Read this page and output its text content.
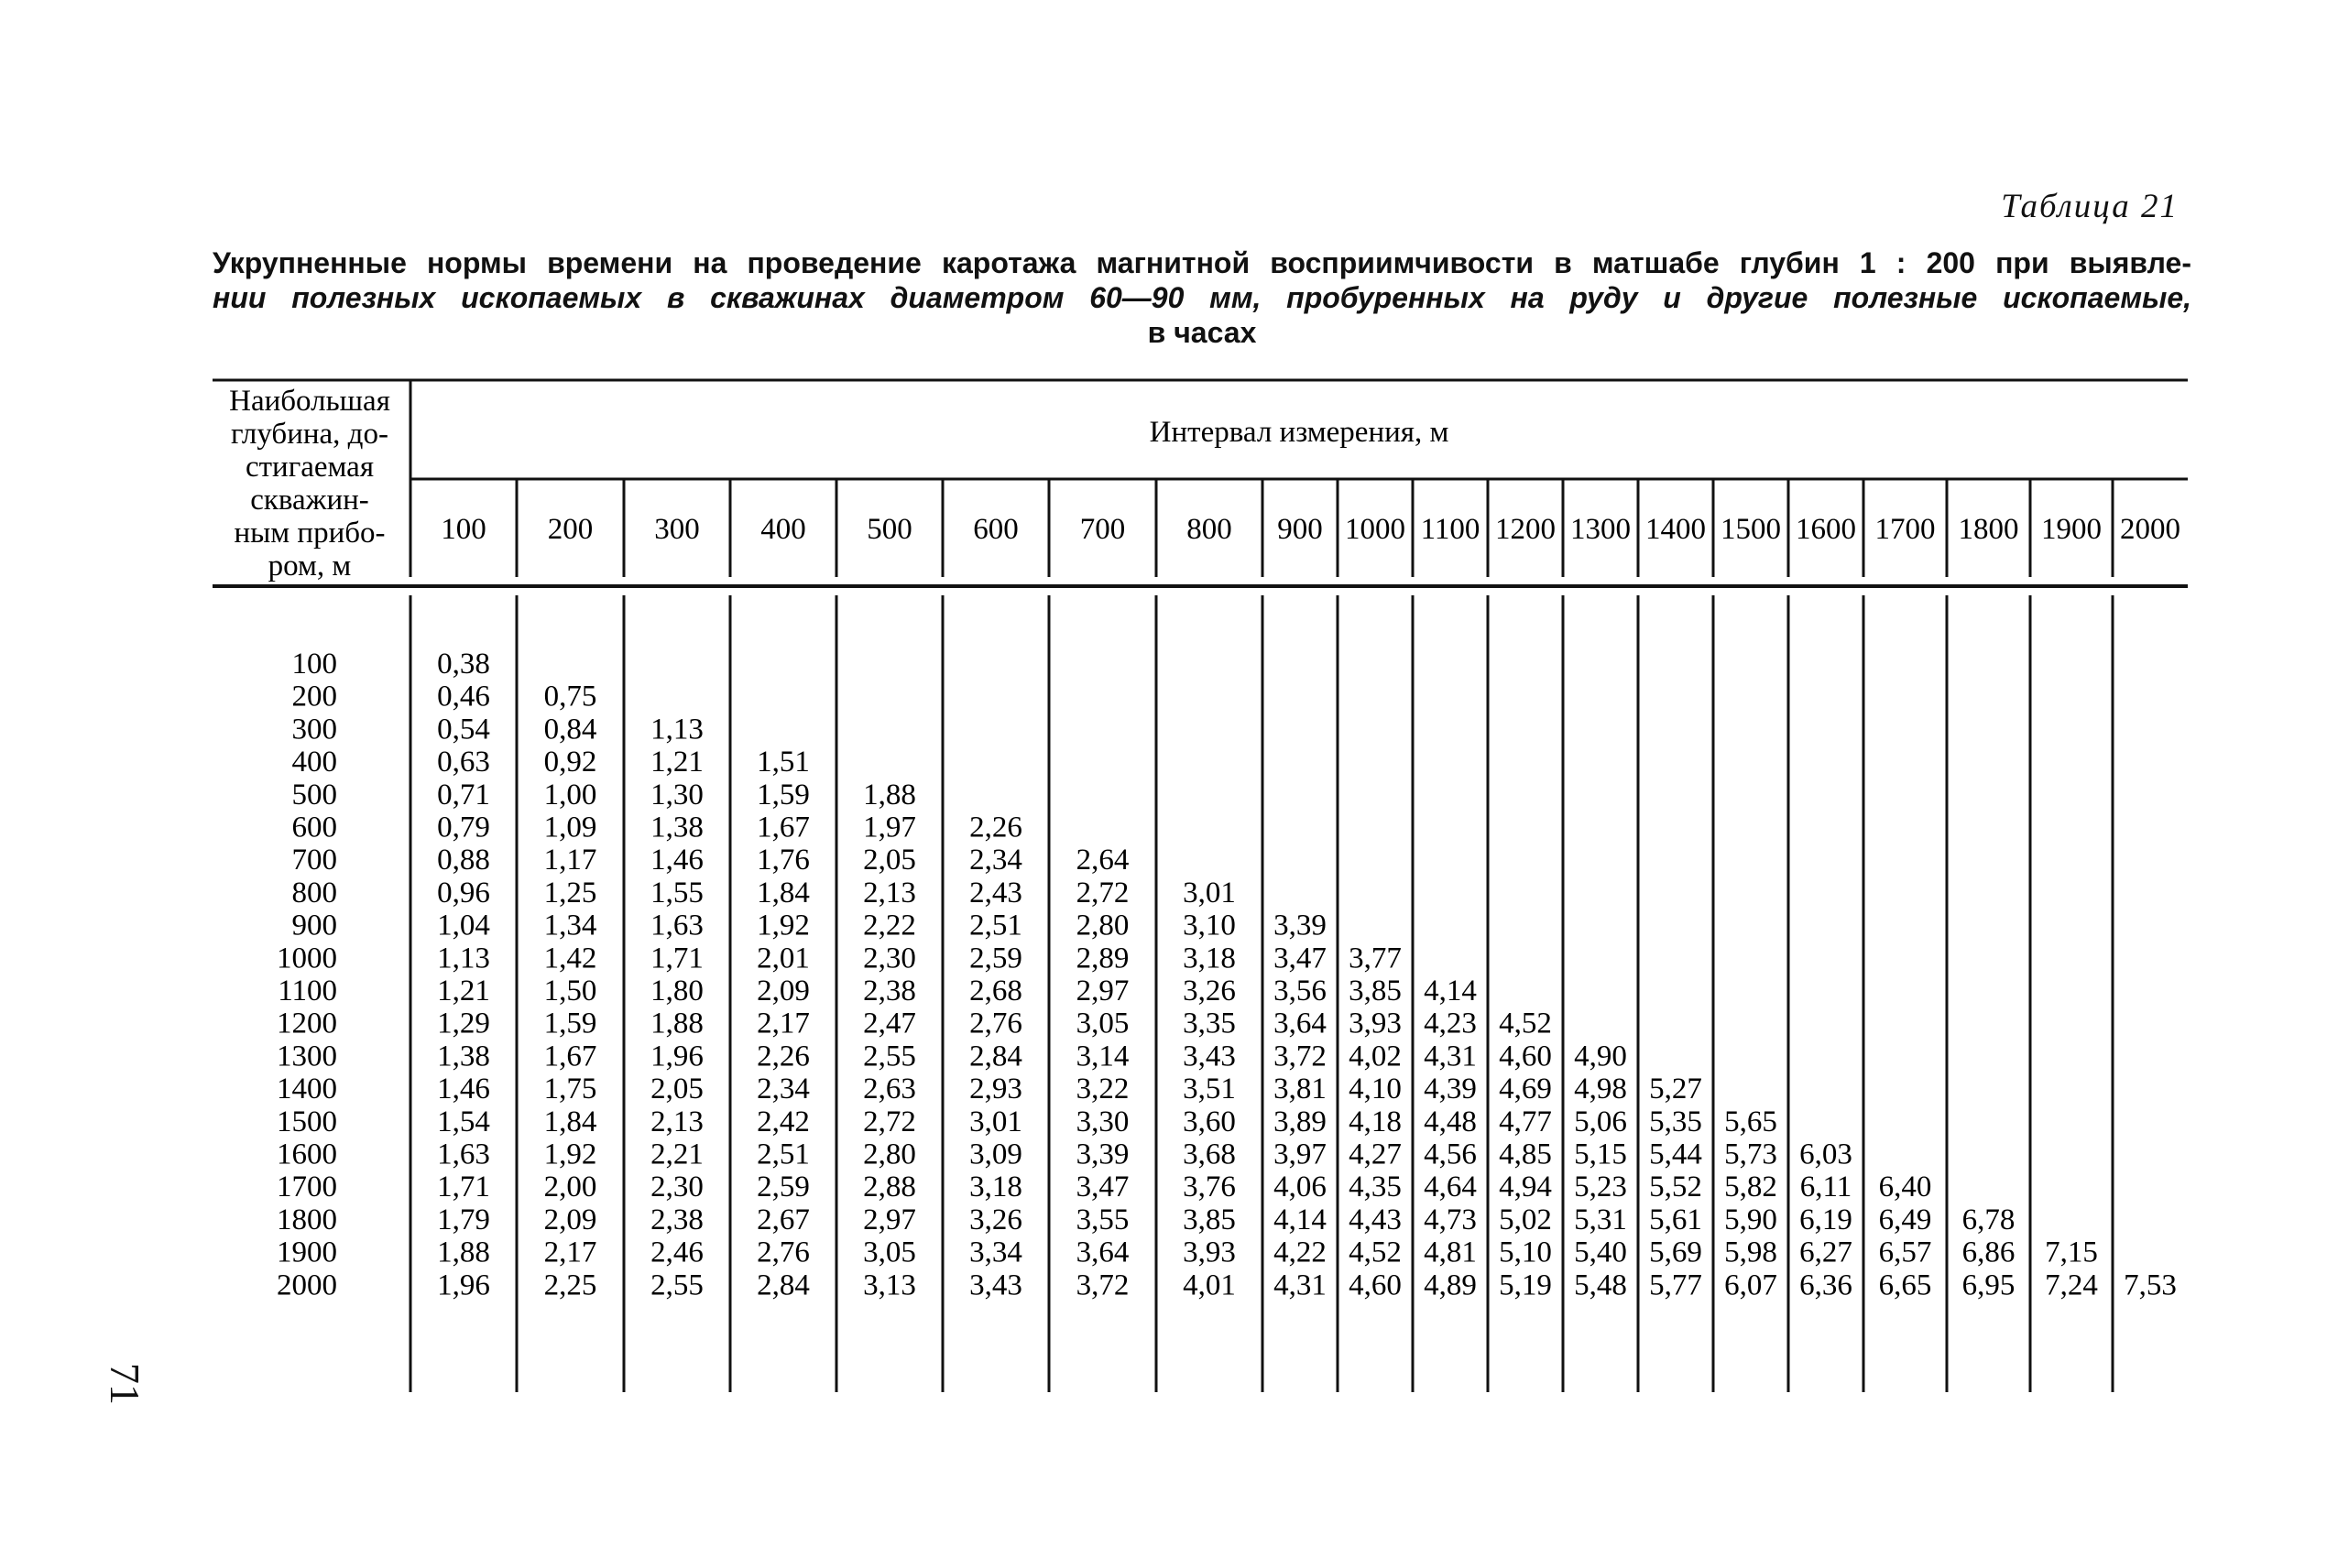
Таблица 21
Укрупненные нормы времени на проведение каротажа магнитной восприимчивости в матшабе глубин 1 : 200 при выявле-
нии полезных ископаемых в скважинах диаметром 60—90 мм, пробуренных на руду и другие полезные ископаемые,
в часах
Наибольшая
глубина, до-
стигаемая
скважин-
ным прибо-
ром, м
Интервал измерения, м
100 200 300 400 500 600 700 800 900 1000 1100 1200 1300 1400 1500 1600 1700 1800 1900 2000
100	0,38
200	0,46 0,75
300	0,54 0,84 1,13
400	0,63 0,92 1,21 1,51
500	0,71 1,00 1,30 1,59 1,88
600	0,79 1,09 1,38 1,67 1,97 2,26
700	0,88 1,17 1,46 1,76 2,05 2,34 2,64
800	0,96 1,25 1,55 1,84 2,13 2,43 2,72 3,01
900	1,04 1,34 1,63 1,92 2,22 2,51 2,80 3,10 3,39
1000	1,13 1,42 1,71 2,01 2,30 2,59 2,89 3,18 3,47 3,77
1100	1,21 1,50 1,80 2,09 2,38 2,68 2,97 3,26 3,56 3,85 4,14
1200	1,29 1,59 1,88 2,17 2,47 2,76 3,05 3,35 3,64 3,93 4,23 4,52
1300	1,38 1,67 1,96 2,26 2,55 2,84 3,14 3,43 3,72 4,02 4,31 4,60 4,90
1400	1,46 1,75 2,05 2,34 2,63 2,93 3,22 3,51 3,81 4,10 4,39 4,69 4,98 5,27
1500	1,54 1,84 2,13 2,42 2,72 3,01 3,30 3,60 3,89 4,18 4,48 4,77 5,06 5,35 5,65
1600	1,63 1,92 2,21 2,51 2,80 3,09 3,39 3,68 3,97 4,27 4,56 4,85 5,15 5,44 5,73 6,03
1700	1,71 2,00 2,30 2,59 2,88 3,18 3,47 3,76 4,06 4,35 4,64 4,94 5,23 5,52 5,82 6,11 6,40
1800	1,79 2,09 2,38 2,67 2,97 3,26 3,55 3,85 4,14 4,43 4,73 5,02 5,31 5,61 5,90 6,19 6,49 6,78
1900	1,88 2,17 2,46 2,76 3,05 3,34 3,64 3,93 4,22 4,52 4,81 5,10 5,40 5,69 5,98 6,27 6,57 6,86 7,15
2000	1,96 2,25 2,55 2,84 3,13 3,43 3,72 4,01 4,31 4,60 4,89 5,19 5,48 5,77 6,07 6,36 6,65 6,95 7,24 7,53
71
